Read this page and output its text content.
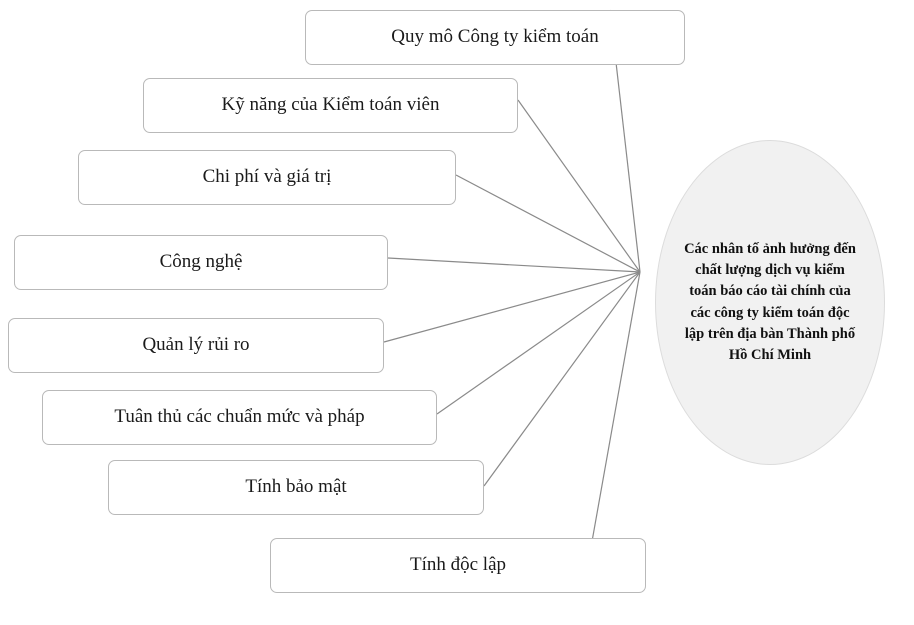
Quy mô Công ty kiểm toán
Kỹ năng của Kiểm toán viên
Chi phí và giá trị
Công nghệ
Quản lý rủi ro
Tuân thủ các chuẩn mức và pháp
Tính bảo mật
Tính độc lập
Các nhân tố ảnh hưởng đến chất lượng dịch vụ kiểm toán báo cáo tài chính của các công ty kiểm toán độc lập trên địa bàn Thành phố Hồ Chí Minh
